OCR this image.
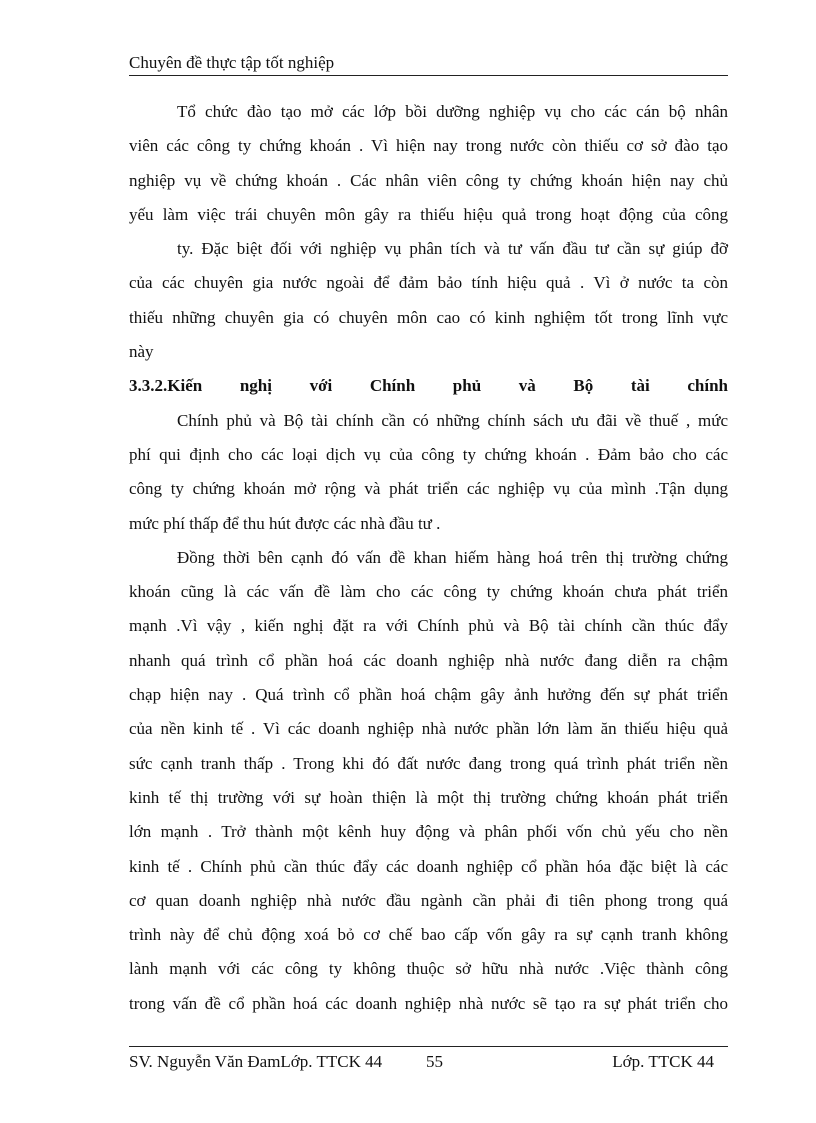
Chuyên đề thực tập tốt nghiệp
Tổ chức đào tạo mở các lớp bồi dưỡng nghiệp vụ cho các cán bộ nhân
viên các công ty chứng khoán . Vì hiện nay trong nước còn thiếu cơ sở đào tạo
nghiệp vụ về chứng khoán . Các nhân viên công ty chứng khoán hiện nay chủ
yếu làm việc trái chuyên môn gây ra thiếu hiệu quả trong hoạt động của công
ty. Đặc biệt đối với nghiệp vụ phân tích và tư vấn đầu tư cần sự giúp đỡ
của các chuyên gia nước ngoài để đảm bảo tính hiệu quả . Vì ở nước ta còn
thiếu những chuyên gia có chuyên môn cao có kinh nghiệm tốt trong lĩnh vực
này
3.3.2.Kiến nghị với Chính phủ và Bộ tài chính
Chính phủ và Bộ tài chính cần có những chính sách ưu đãi về thuế , mức
phí qui định cho các loại dịch vụ của công ty chứng khoán . Đảm bảo cho các
công ty chứng khoán mở rộng và phát triển các nghiệp vụ của mình .Tận dụng
mức phí thấp để thu hút được các nhà đầu tư .
Đồng thời bên cạnh đó vấn đề khan hiếm hàng hoá trên thị trường chứng
khoán cũng là các vấn đề làm cho các công ty chứng khoán chưa phát triển
mạnh .Vì vậy , kiến nghị đặt ra với Chính phủ và Bộ tài chính cần thúc đẩy
nhanh quá trình cổ phần hoá các doanh nghiệp nhà nước đang diễn ra chậm
chạp hiện nay . Quá trình cổ phần hoá chậm gây ảnh hưởng đến sự phát triển
của nền kinh tế . Vì các doanh nghiệp nhà nước phần lớn làm ăn thiếu hiệu quả
sức cạnh tranh thấp . Trong khi đó đất nước đang trong quá trình phát triển nền
kinh tế thị trường với sự hoàn thiện là một thị trường chứng khoán phát triển
lớn mạnh . Trở thành một kênh huy động và phân phối vốn chủ yếu cho nền
kinh tế . Chính phủ cần thúc đẩy các doanh nghiệp cổ phần hóa đặc biệt là các
cơ quan doanh nghiệp nhà nước đầu ngành cần phải đi tiên phong trong quá
trình này để chủ động xoá bỏ cơ chế bao cấp vốn gây ra sự cạnh tranh không
lành mạnh với các công ty không thuộc sở hữu nhà nước .Việc thành công
trong vấn đề cổ phần hoá các doanh nghiệp nhà nước sẽ tạo ra sự phát triển cho
SV. Nguyễn Văn ĐamLớp. TTCK 44	55	Lớp. TTCK 44
